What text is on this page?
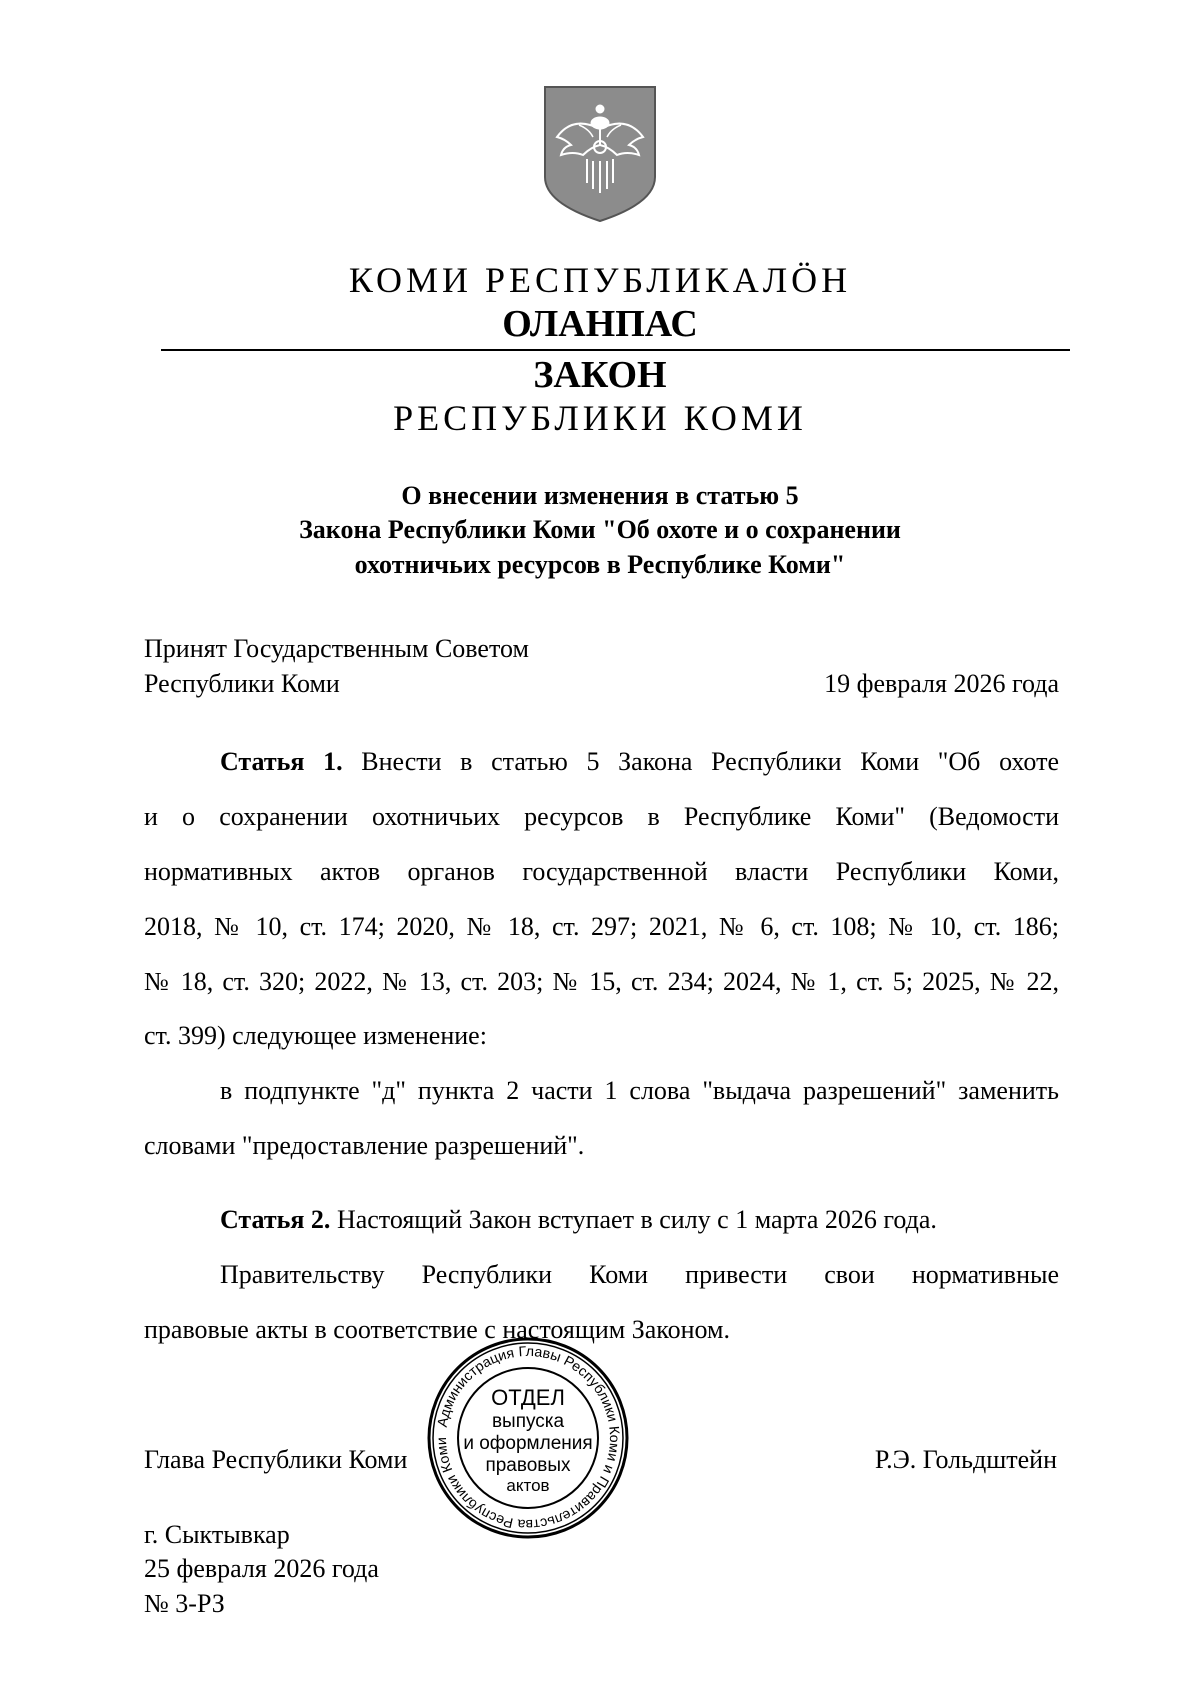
КОМИ РЕСПУБЛИКАЛӦН
ОЛАНПАС
ЗАКОН
РЕСПУБЛИКИ КОМИ
О внесении изменения в статью 5
Закона Республики Коми "Об охоте и о сохранении
охотничьих ресурсов в Республике Коми"
Принят Государственным Советом
Республики Коми	19 февраля 2026 года
Статья 1. Внести в статью 5 Закона Республики Коми "Об охоте
и о сохранении охотничьих ресурсов в Республике Коми" (Ведомости
нормативных актов органов государственной власти Республики Коми,
2018, № 10, ст. 174; 2020, № 18, ст. 297; 2021, № 6, ст. 108; № 10, ст. 186;
№ 18, ст. 320; 2022, № 13, ст. 203; № 15, ст. 234; 2024, № 1, ст. 5; 2025, № 22,
ст. 399) следующее изменение:
в подпункте "д" пункта 2 части 1 слова "выдача разрешений" заменить
словами "предоставление разрешений".
Статья 2. Настоящий Закон вступает в силу с 1 марта 2026 года.
Правительству Республики Коми привести свои нормативные
правовые акты в соответствие с настоящим Законом.
Глава Республики Коми	Р.Э. Гольдштейн
г. Сыктывкар
25 февраля 2026 года
№ 3-РЗ
Администрация Главы Республики Коми и Правительства Республики Коми
ОТДЕЛ
выпуска
и оформления
правовых
актов
